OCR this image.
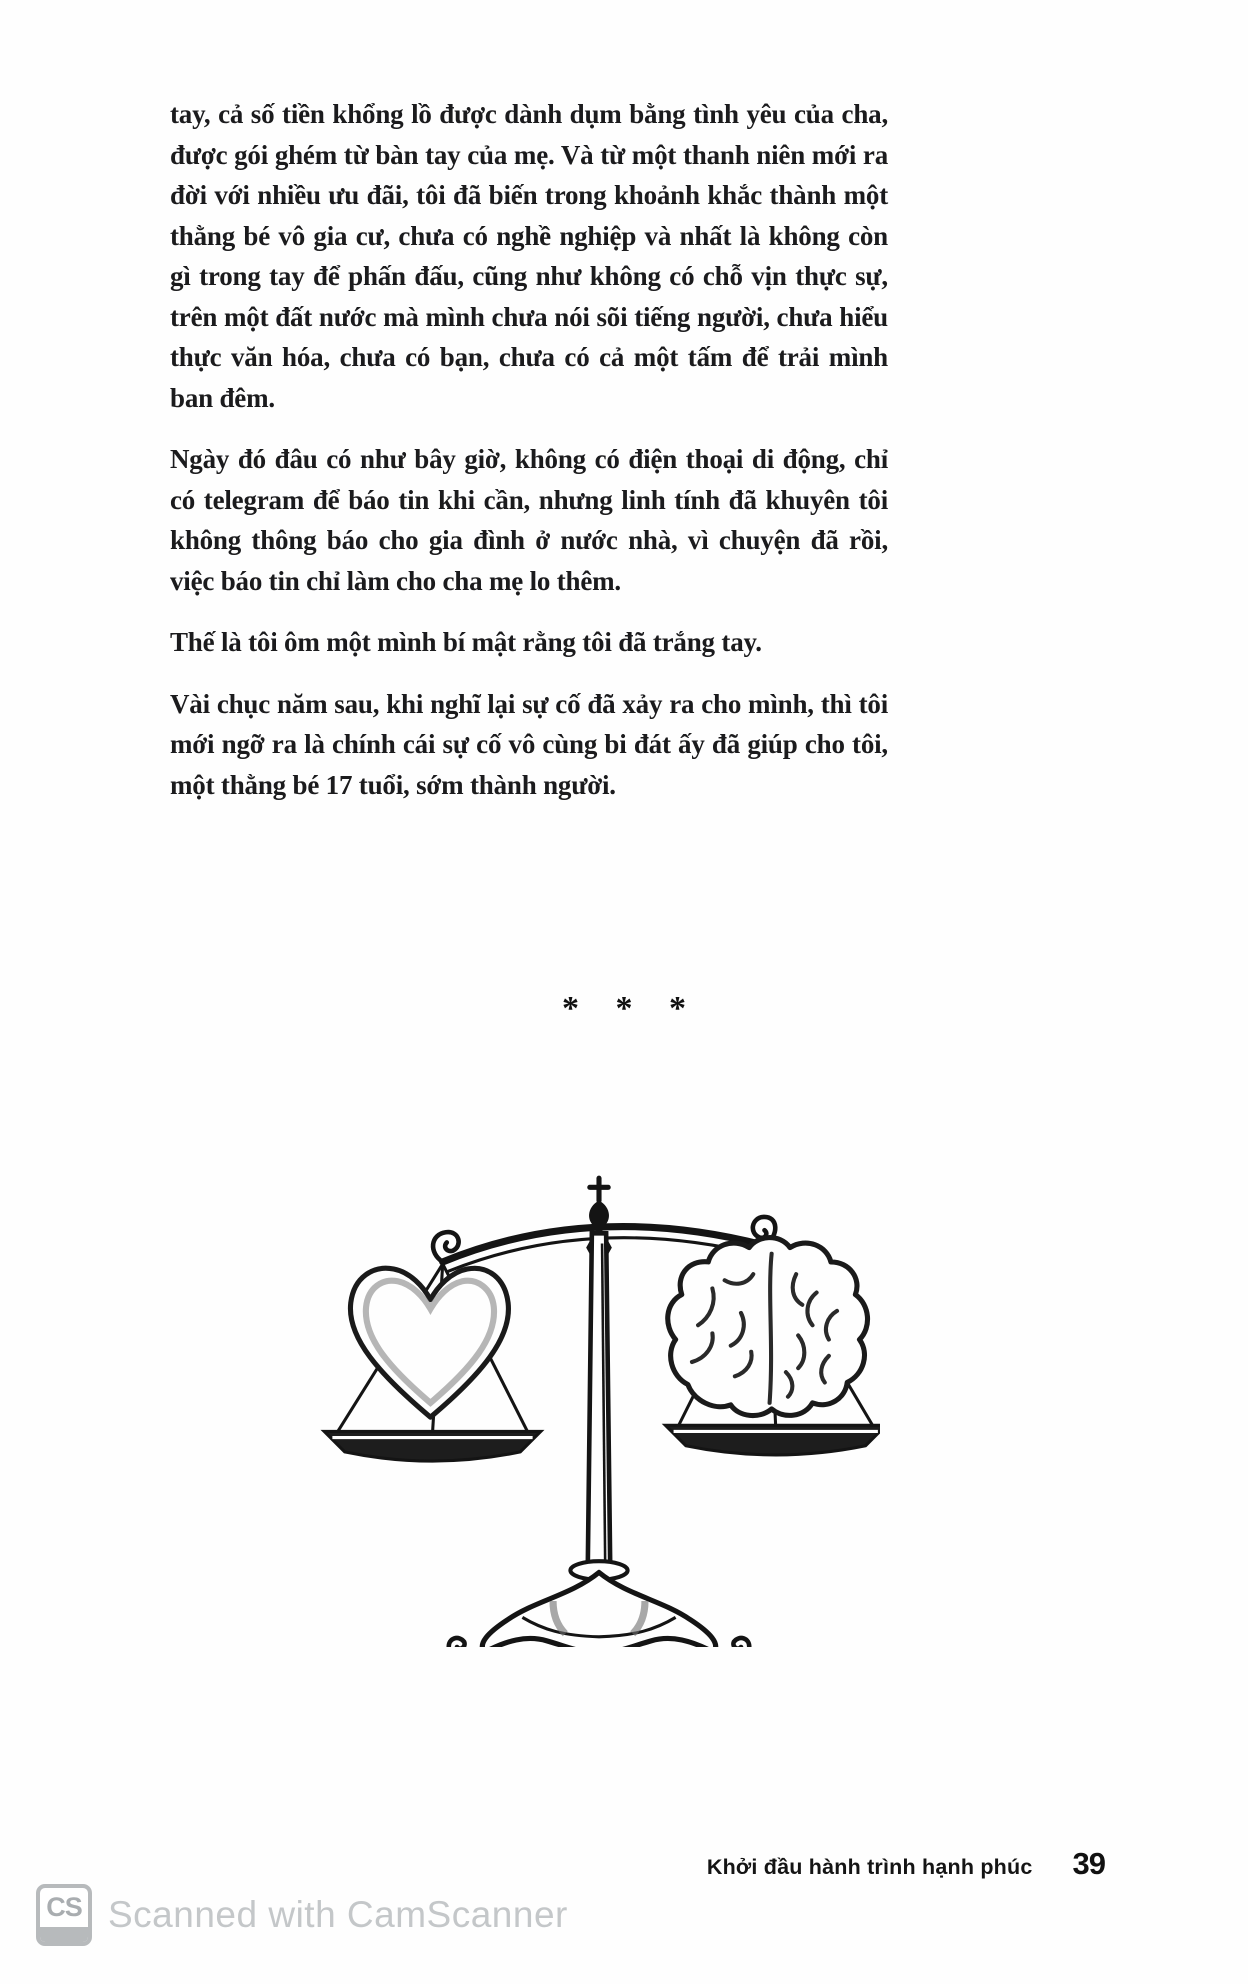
tay, cả số tiền khổng lồ được dành dụm bằng tình yêu của cha, được gói ghém từ bàn tay của mẹ. Và từ một thanh niên mới ra đời với nhiều ưu đãi, tôi đã biến trong khoảnh khắc thành một thằng bé vô gia cư, chưa có nghề nghiệp và nhất là không còn gì trong tay để phấn đấu, cũng như không có chỗ vịn thực sự, trên một đất nước mà mình chưa nói sõi tiếng người, chưa hiểu thực văn hóa, chưa có bạn, chưa có cả một tấm để trải mình ban đêm.

Ngày đó đâu có như bây giờ, không có điện thoại di động, chỉ có telegram để báo tin khi cần, nhưng linh tính đã khuyên tôi không thông báo cho gia đình ở nước nhà, vì chuyện đã rồi, việc báo tin chỉ làm cho cha mẹ lo thêm.

Thế là tôi ôm một mình bí mật rằng tôi đã trắng tay.

Vài chục năm sau, khi nghĩ lại sự cố đã xảy ra cho mình, thì tôi mới ngỡ ra là chính cái sự cố vô cùng bi đát ấy đã giúp cho tôi, một thằng bé 17 tuổi, sớm thành người.

* * *
Khởi đầu hành trình hạnh phúc 39
CS Scanned with CamScanner
